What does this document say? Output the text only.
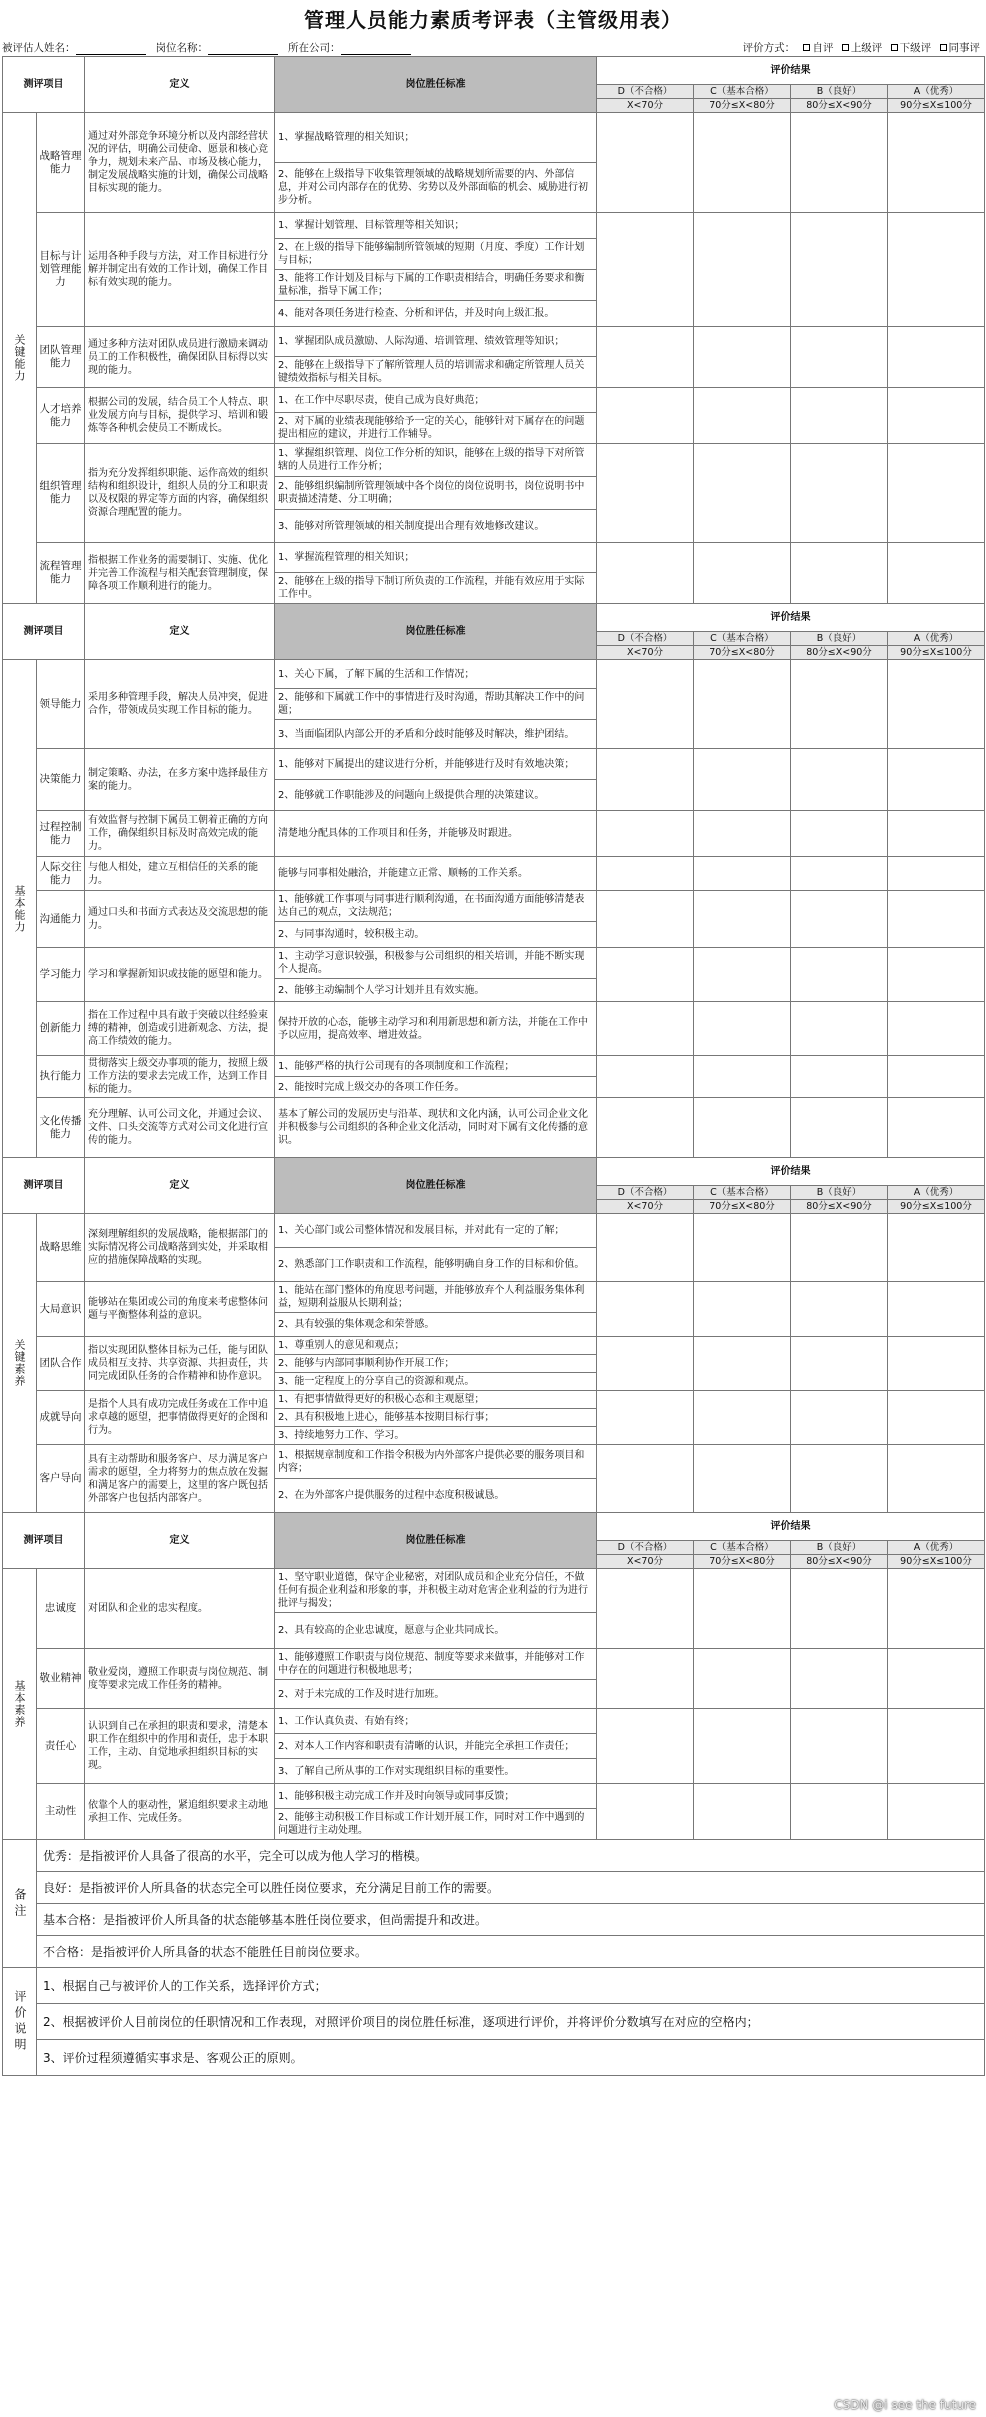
管理人员能力素质考评表（主管级用表）
被评估人姓名：	岗位名称：	所在公司：	评价方式： 自评 上级评 下级评 同事评
测评项目		定义	岗位胜任标准	评价结果			
				D（不合格）	C（基本合格）	B（良好）	A（优秀）
				X<70分	70分≤X<80分	80分≤X<90分	90分≤X≤100分
关键能力	战略管理能力	通过对外部竞争环境分析以及内部经营状况的评估，明确公司使命、愿景和核心竞争力，规划未来产品、市场及核心能力，制定发展战略实施的计划，确保公司战略目标实现的能力。	1、掌握战略管理的相关知识；				
			2、能够在上级指导下收集管理领域的战略规划所需要的内、外部信息，并对公司内部存在的优势、劣势以及外部面临的机会、威胁进行初步分析。				
	目标与计划管理能力	运用各种手段与方法，对工作目标进行分解并制定出有效的工作计划，确保工作目标有效实现的能力。	1、掌握计划管理、目标管理等相关知识；				
			2、在上级的指导下能够编制所管领域的短期（月度、季度）工作计划与目标；				
			3、能将工作计划及目标与下属的工作职责相结合，明确任务要求和衡量标准，指导下属工作；				
			4、能对各项任务进行检查、分析和评估，并及时向上级汇报。				
	团队管理能力	通过多种方法对团队成员进行激励来调动员工的工作积极性，确保团队目标得以实现的能力。	1、掌握团队成员激励、人际沟通、培训管理、绩效管理等知识；				
			2、能够在上级指导下了解所管理人员的培训需求和确定所管理人员关键绩效指标与相关目标。				
	人才培养能力	根据公司的发展，结合员工个人特点、职业发展方向与目标，提供学习、培训和锻炼等各种机会使员工不断成长。	1、在工作中尽职尽责，使自己成为良好典范；				
			2、对下属的业绩表现能够给予一定的关心，能够针对下属存在的问题提出相应的建议，并进行工作辅导。				
	组织管理能力	指为充分发挥组织职能、运作高效的组织结构和组织设计，组织人员的分工和职责以及权限的界定等方面的内容，确保组织资源合理配置的能力。	1、掌握组织管理、岗位工作分析的知识，能够在上级的指导下对所管辖的人员进行工作分析；				
			2、能够组织编制所管理领域中各个岗位的岗位说明书，岗位说明书中职责描述清楚、分工明确；				
			3、能够对所管理领域的相关制度提出合理有效地修改建议。				
	流程管理能力	指根据工作业务的需要制订、实施、优化并完善工作流程与相关配套管理制度，保障各项工作顺利进行的能力。	1、掌握流程管理的相关知识；				
			2、能够在上级的指导下制订所负责的工作流程，并能有效应用于实际工作中。				
测评项目		定义	岗位胜任标准	评价结果			
				D（不合格）	C（基本合格）	B（良好）	A（优秀）
				X<70分	70分≤X<80分	80分≤X<90分	90分≤X≤100分
基本能力	领导能力	采用多种管理手段，解决人员冲突，促进合作，带领成员实现工作目标的能力。	1、关心下属，了解下属的生活和工作情况；				
			2、能够和下属就工作中的事情进行及时沟通，帮助其解决工作中的问题；				
			3、当面临团队内部公开的矛盾和分歧时能够及时解决，维护团结。				
	决策能力	制定策略、办法，在多方案中选择最佳方案的能力。	1、能够对下属提出的建议进行分析，并能够进行及时有效地决策；				
			2、能够就工作职能涉及的问题向上级提供合理的决策建议。				
	过程控制能力	有效监督与控制下属员工朝着正确的方向工作，确保组织目标及时高效完成的能力。	清楚地分配具体的工作项目和任务，并能够及时跟进。				
	人际交往能力	与他人相处，建立互相信任的关系的能力。	能够与同事相处融洽，并能建立正常、顺畅的工作关系。				
	沟通能力	通过口头和书面方式表达及交流思想的能力。	1、能够就工作事项与同事进行顺利沟通，在书面沟通方面能够清楚表达自己的观点，文法规范；				
			2、与同事沟通时，较积极主动。				
	学习能力	学习和掌握新知识或技能的愿望和能力。	1、主动学习意识较强，积极参与公司组织的相关培训，并能不断实现个人提高。				
			2、能够主动编制个人学习计划并且有效实施。				
	创新能力	指在工作过程中具有敢于突破以往经验束缚的精神，创造或引进新观念、方法，提高工作绩效的能力。	保持开放的心态，能够主动学习和利用新思想和新方法，并能在工作中予以应用，提高效率、增进效益。				
	执行能力	贯彻落实上级交办事项的能力，按照上级工作方法的要求去完成工作，达到工作目标的能力。	1、能够严格的执行公司现有的各项制度和工作流程；				
			2、能按时完成上级交办的各项工作任务。				
	文化传播能力	充分理解、认可公司文化，并通过会议、文件、口头交流等方式对公司文化进行宣传的能力。	基本了解公司的发展历史与沿革、现状和文化内涵，认可公司企业文化并积极参与公司组织的各种企业文化活动，同时对下属有文化传播的意识。				
测评项目		定义	岗位胜任标准	评价结果			
				D（不合格）	C（基本合格）	B（良好）	A（优秀）
				X<70分	70分≤X<80分	80分≤X<90分	90分≤X≤100分
关键素养	战略思维	深刻理解组织的发展战略，能根据部门的实际情况将公司战略落到实处，并采取相应的措施保障战略的实现。	1、关心部门或公司整体情况和发展目标，并对此有一定的了解；				
			2、熟悉部门工作职责和工作流程，能够明确自身工作的目标和价值。				
	大局意识	能够站在集团或公司的角度来考虑整体问题与平衡整体利益的意识。	1、能站在部门整体的角度思考问题，并能够放弃个人利益服务集体利益，短期利益服从长期利益；				
			2、具有较强的集体观念和荣誉感。				
	团队合作	指以实现团队整体目标为己任，能与团队成员相互支持、共享资源、共担责任，共同完成团队任务的合作精神和协作意识。	1、尊重别人的意见和观点；				
			2、能够与内部同事顺利协作开展工作；				
			3、能一定程度上的分享自己的资源和观点。				
	成就导向	是指个人具有成功完成任务或在工作中追求卓越的愿望，把事情做得更好的企图和行为。	1、有把事情做得更好的积极心态和主观愿望；				
			2、具有积极地上进心，能够基本按期目标行事；				
			3、持续地努力工作、学习。				
	客户导向	具有主动帮助和服务客户、尽力满足客户需求的愿望，全力将努力的焦点放在发掘和满足客户的需要上，这里的客户既包括外部客户也包括内部客户。	1、根据规章制度和工作指令积极为内外部客户提供必要的服务项目和内容；				
			2、在为外部客户提供服务的过程中态度积极诚恳。				
测评项目		定义	岗位胜任标准	评价结果			
				D（不合格）	C（基本合格）	B（良好）	A（优秀）
				X<70分	70分≤X<80分	80分≤X<90分	90分≤X≤100分
基本素养	忠诚度	对团队和企业的忠实程度。	1、坚守职业道德，保守企业秘密，对团队成员和企业充分信任，不做任何有损企业利益和形象的事，并积极主动对危害企业利益的行为进行批评与揭发；				
			2、具有较高的企业忠诚度，愿意与企业共同成长。				
	敬业精神	敬业爱岗，遵照工作职责与岗位规范、制度等要求完成工作任务的精神。	1、能够遵照工作职责与岗位规范、制度等要求来做事，并能够对工作中存在的问题进行积极地思考；				
			2、对于未完成的工作及时进行加班。				
	责任心	认识到自己在承担的职责和要求，清楚本职工作在组织中的作用和责任，忠于本职工作，主动、自觉地承担组织目标的实现。	1、工作认真负责、有始有终；				
			2、对本人工作内容和职责有清晰的认识，并能完全承担工作责任；				
			3、了解自己所从事的工作对实现组织目标的重要性。				
	主动性	依靠个人的驱动性，紧追组织要求主动地承担工作、完成任务。	1、能够积极主动完成工作并及时向领导或同事反馈；				
			2、能够主动积极工作目标或工作计划开展工作，同时对工作中遇到的问题进行主动处理。				
备注	优秀：是指被评价人具备了很高的水平，完全可以成为他人学习的楷模。						
	良好：是指被评价人所具备的状态完全可以胜任岗位要求，充分满足目前工作的需要。						
	基本合格：是指被评价人所具备的状态能够基本胜任岗位要求，但尚需提升和改进。						
	不合格：是指被评价人所具备的状态不能胜任目前岗位要求。						
评价说明	1、根据自己与被评价人的工作关系，选择评价方式；						
	2、根据被评价人目前岗位的任职情况和工作表现，对照评价项目的岗位胜任标准，逐项进行评价，并将评价分数填写在对应的空格内；						
	3、评价过程须遵循实事求是、客观公正的原则。						
CSDN @i see the future
